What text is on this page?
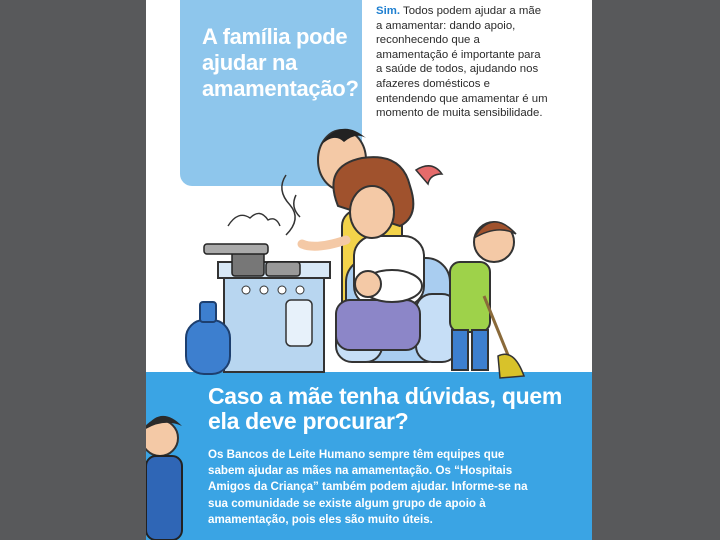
A família pode ajudar na amamentação?

Sim. Todos podem ajudar a mãe a amamentar: dando apoio, reconhecendo que a amamentação é importante para a saúde de todos, ajudando nos afazeres domésticos e entendendo que amamentar é um momento de muita sensibilidade.

Caso a mãe tenha dúvidas, quem ela deve procurar?

Os Bancos de Leite Humano sempre têm equipes que sabem ajudar as mães na amamentação. Os “Hospitais Amigos da Criança” também podem ajudar. Informe-se na sua comunidade se existe algum grupo de apoio à amamentação, pois eles são muito úteis.
